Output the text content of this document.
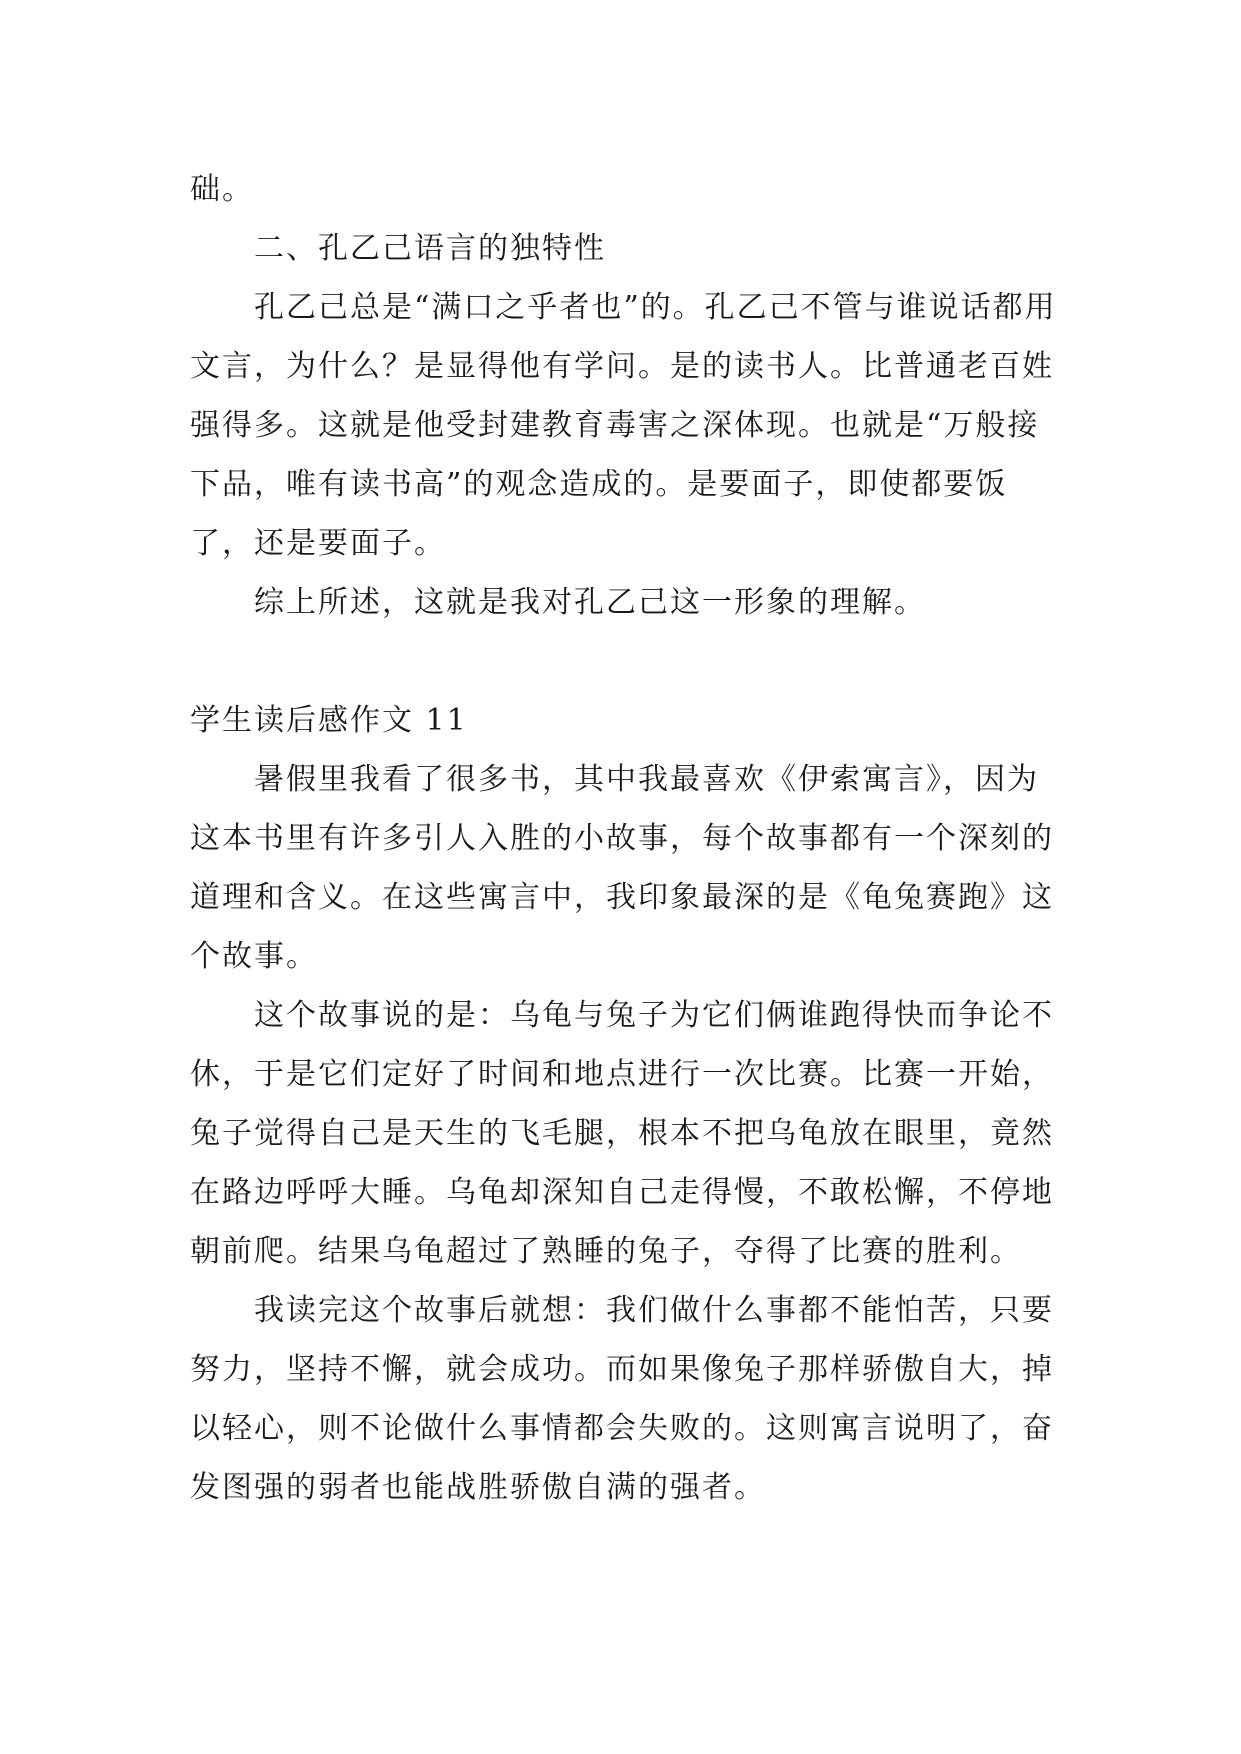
础。

二、孔乙己语言的独特性

孔乙己总是“满口之乎者也”的。孔乙己不管与谁说话都用文言，为什么？是显得他有学问。是的读书人。比普通老百姓强得多。这就是他受封建教育毒害之深体现。也就是“万般接下品，唯有读书高”的观念造成的。是要面子，即使都要饭了，还是要面子。

综上所述，这就是我对孔乙己这一形象的理解。

学生读后感作文 11

暑假里我看了很多书，其中我最喜欢《伊索寓言》，因为这本书里有许多引人入胜的小故事，每个故事都有一个深刻的道理和含义。在这些寓言中，我印象最深的是《龟兔赛跑》这个故事。

这个故事说的是：乌龟与兔子为它们俩谁跑得快而争论不休，于是它们定好了时间和地点进行一次比赛。比赛一开始，兔子觉得自己是天生的飞毛腿，根本不把乌龟放在眼里，竟然在路边呼呼大睡。乌龟却深知自己走得慢，不敢松懈，不停地朝前爬。结果乌龟超过了熟睡的兔子，夺得了比赛的胜利。

我读完这个故事后就想：我们做什么事都不能怕苦，只要努力，坚持不懈，就会成功。而如果像兔子那样骄傲自大，掉以轻心，则不论做什么事情都会失败的。这则寓言说明了，奋发图强的弱者也能战胜骄傲自满的强者。
